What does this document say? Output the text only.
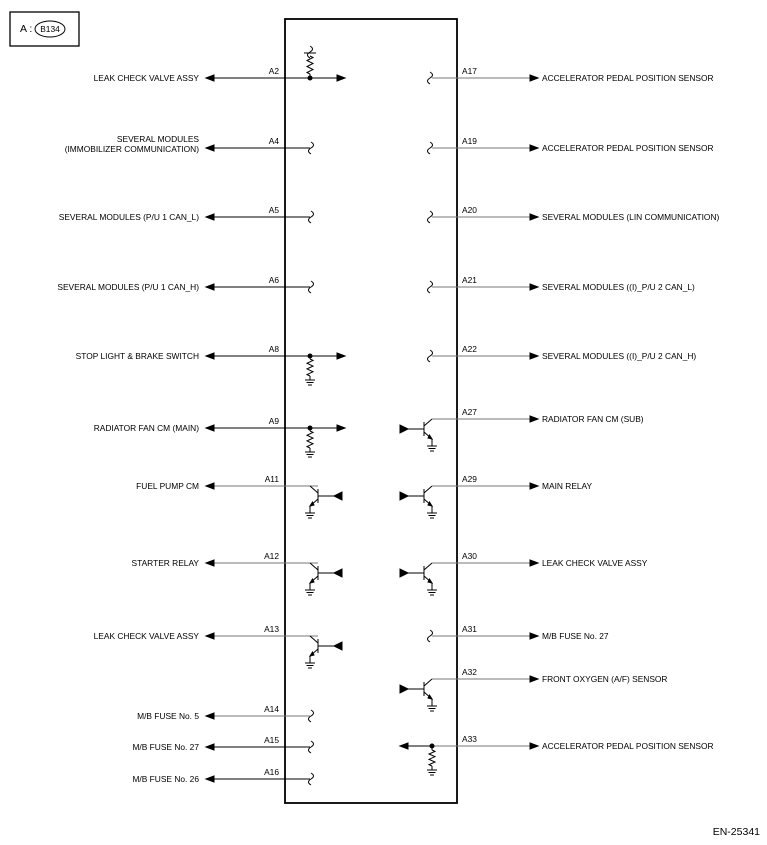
A : B134
LEAK CHECK VALVE ASSY
A2
SEVERAL MODULES
(IMMOBILIZER COMMUNICATION)
A4
SEVERAL MODULES (P/U 1 CAN_L)
A5
SEVERAL MODULES (P/U 1 CAN_H)
A6
STOP LIGHT & BRAKE SWITCH
A8
RADIATOR FAN CM (MAIN)
A9
FUEL PUMP CM
A11
STARTER RELAY
A12
LEAK CHECK VALVE ASSY
A13
M/B FUSE No. 5
A14
M/B FUSE No. 27
A15
M/B FUSE No. 26
A16
ACCELERATOR PEDAL POSITION SENSOR
A17
ACCELERATOR PEDAL POSITION SENSOR
A19
SEVERAL MODULES (LIN COMMUNICATION)
A20
SEVERAL MODULES ((I)_P/U 2 CAN_L)
A21
SEVERAL MODULES ((I)_P/U 2 CAN_H)
A22
RADIATOR FAN CM (SUB)
A27
MAIN RELAY
A29
LEAK CHECK VALVE ASSY
A30
M/B FUSE No. 27
A31
FRONT OXYGEN (A/F) SENSOR
A32
ACCELERATOR PEDAL POSITION SENSOR
A33
EN-25341
